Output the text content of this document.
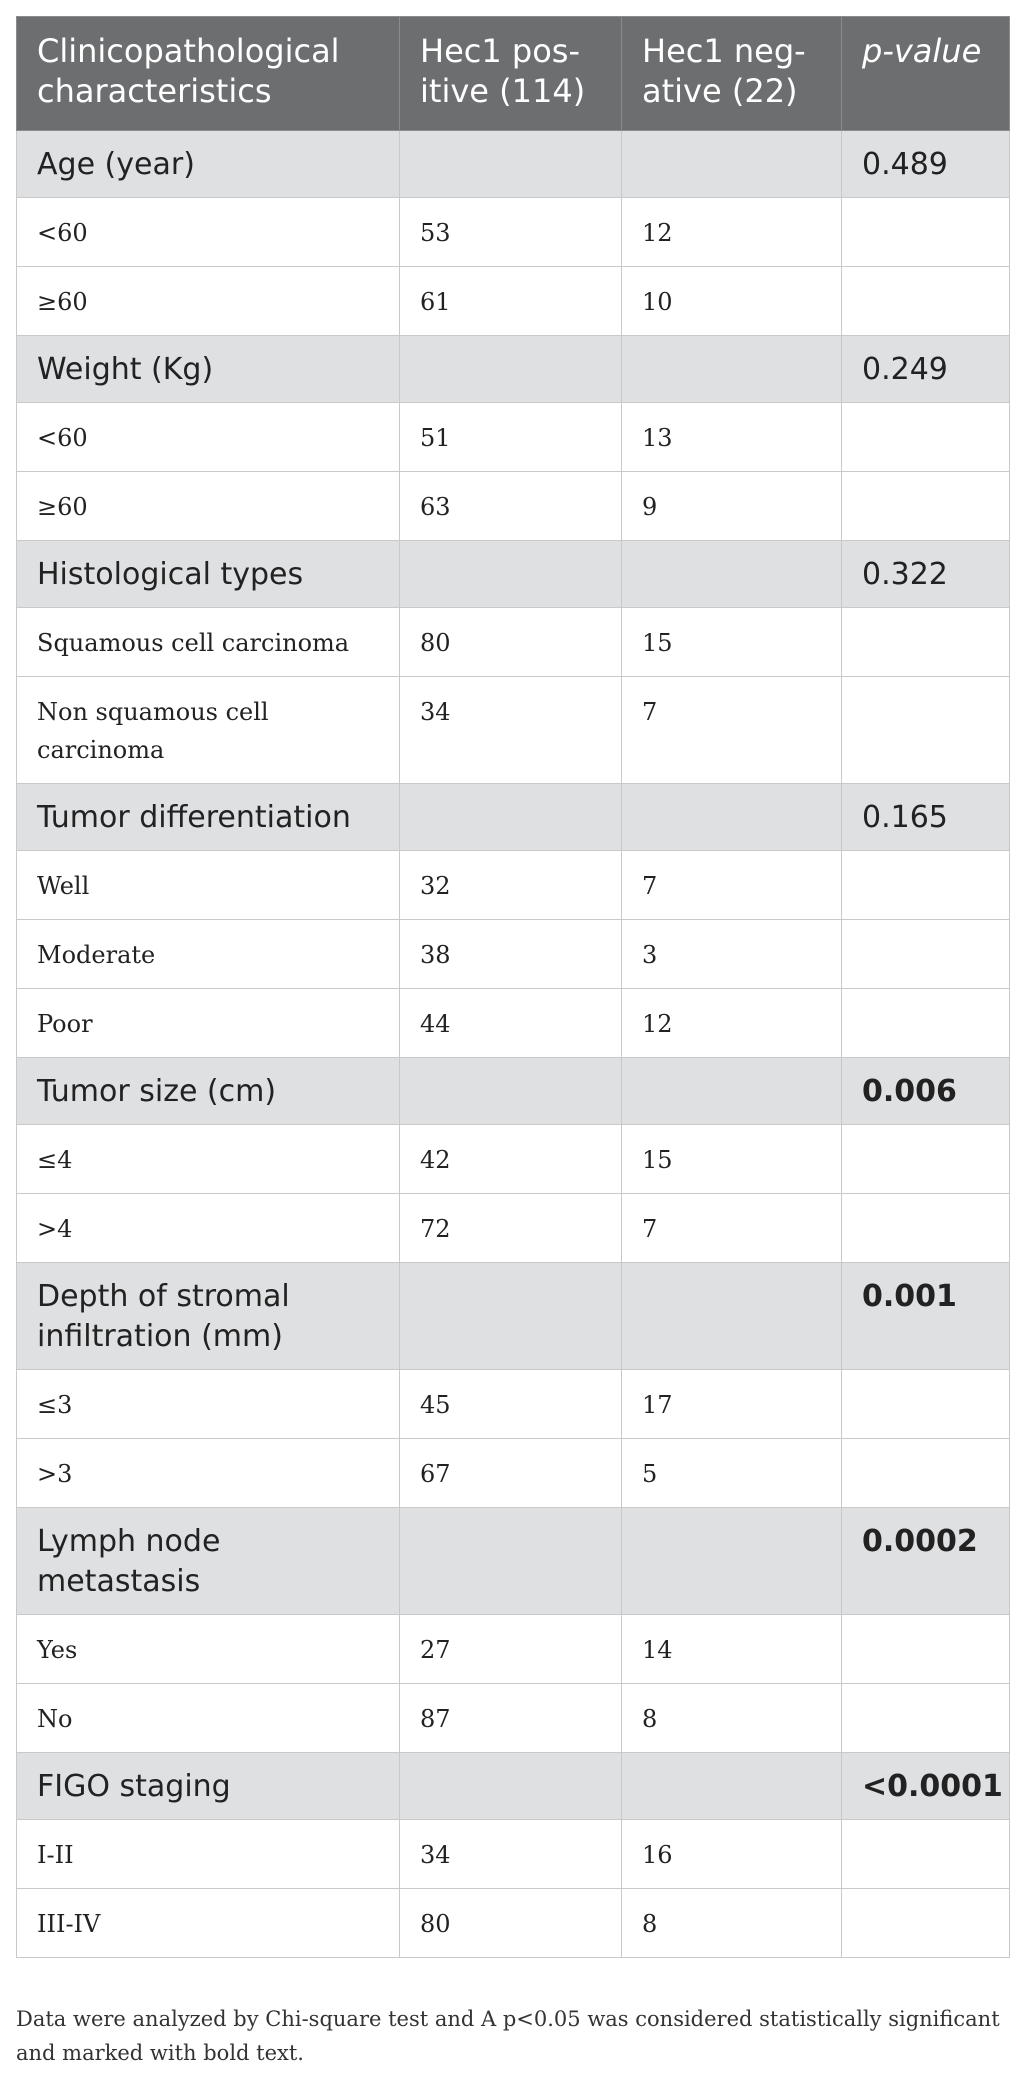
Clinicopathological characteristics	Hec1 pos-itive (114)	Hec1 neg-ative (22)	p-value
Age (year)			0.489
<60	53	12	
≥60	61	10	
Weight (Kg)			0.249
<60	51	13	
≥60	63	9	
Histological types			0.322
Squamous cell carcinoma	80	15	
Non squamous cell carcinoma	34	7	
Tumor differentiation			0.165
Well	32	7	
Moderate	38	3	
Poor	44	12	
Tumor size (cm)			0.006
≤4	42	15	
>4	72	7	
Depth of stromal infiltration (mm)			0.001
≤3	45	17	
>3	67	5	
Lymph node metastasis			0.0002
Yes	27	14	
No	87	8	
FIGO staging			<0.0001
I-II	34	16	
III-IV	80	8	
Data were analyzed by Chi-square test and A p<0.05 was considered statistically significant and marked with bold text.
